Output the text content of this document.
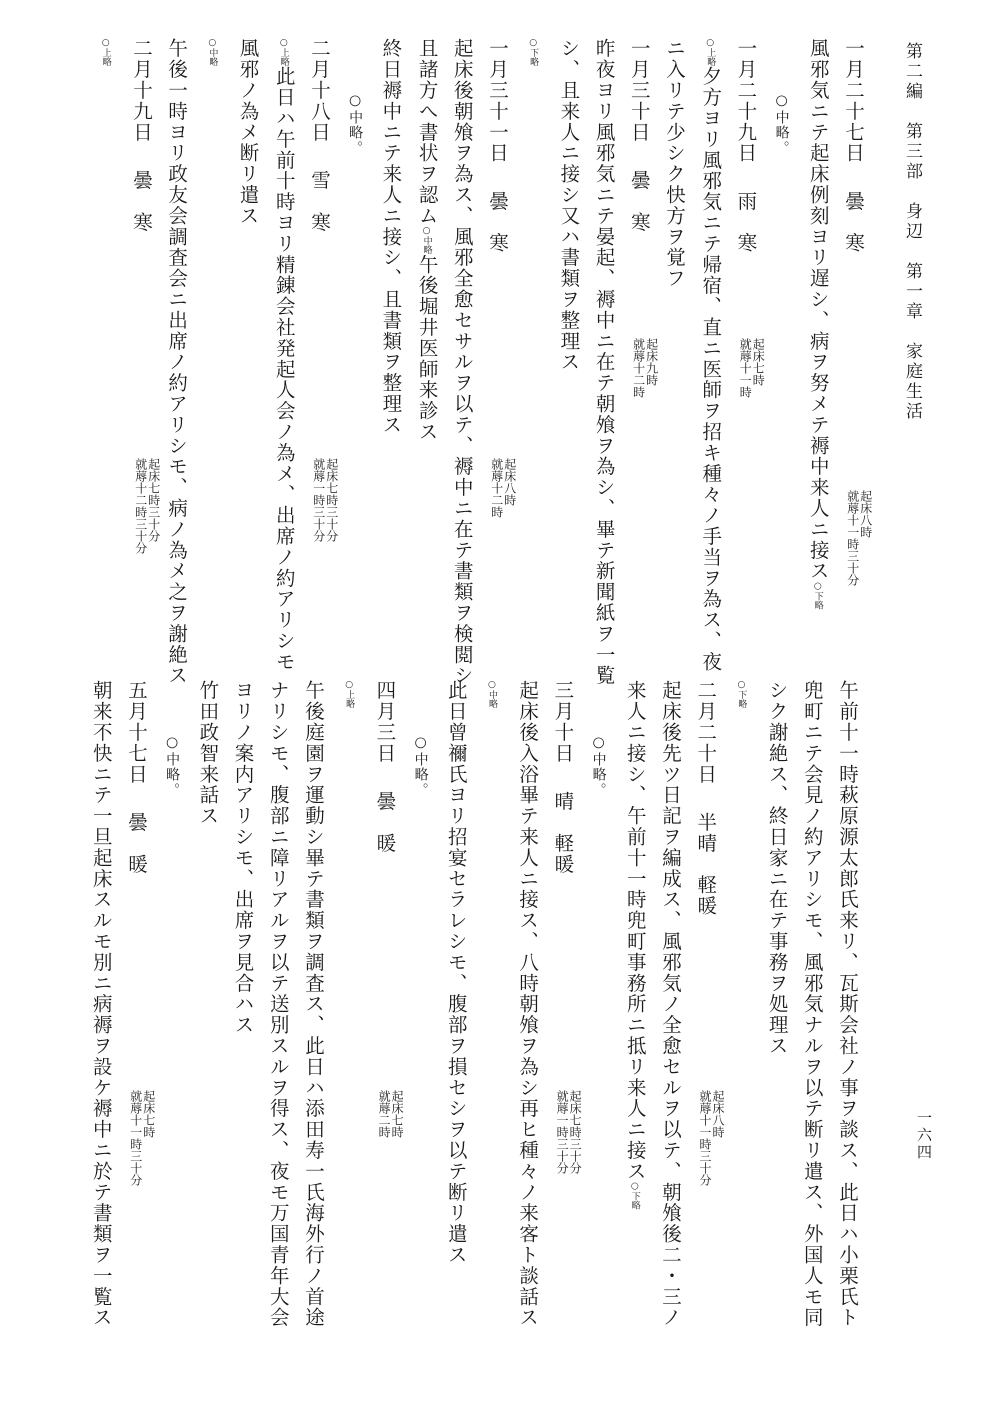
第二編　第三部　身辺　第一章　家庭生活
一六四
一月二十七日曇　寒
起床八時
就蓐十一時三十分
風邪気ニテ起床例刻ヨリ遅シ、病ヲ努メテ褥中来人ニ接ス○下略
○中略。
一月二十九日雨　寒
起床七時
就蓐十一時
○上略夕方ヨリ風邪気ニテ帰宿、直ニ医師ヲ招キ種々ノ手当ヲ為ス、夜
ニ入リテ少シク快方ヲ覚フ
一月三十日曇　寒
起床九時
就蓐十二時
昨夜ヨリ風邪気ニテ晏起、褥中ニ在テ朝飧ヲ為シ、畢テ新聞紙ヲ一覧
シ、且来人ニ接シ又ハ書類ヲ整理ス
○下略
一月三十一日曇　寒
起床八時
就蓐十二時
起床後朝飧ヲ為ス、風邪全愈セサルヲ以テ、褥中ニ在テ書類ヲ検閲シ
且諸方へ書状ヲ認ム○中略午後堀井医師来診ス
終日褥中ニテ来人ニ接シ、且書類ヲ整理ス
○中略。
二月十八日雪　寒
起床七時三十分
就蓐一時三十分
○上略此日ハ午前十時ヨリ精錬会社発起人会ノ為メ、出席ノ約アリシモ
風邪ノ為メ断リ遣ス
○中略
午後一時ヨリ政友会調査会ニ出席ノ約アリシモ、病ノ為メ之ヲ謝絶ス
二月十九日曇　寒
起床七時三十分
就蓐十二時三十分
○上略
午前十一時萩原源太郎氏来リ、瓦斯会社ノ事ヲ談ス、此日ハ小栗氏ト
兜町ニテ会見ノ約アリシモ、風邪気ナルヲ以テ断リ遣ス、外国人モ同
シク謝絶ス、終日家ニ在テ事務ヲ処理ス
○下略
二月二十日半晴　軽暖
起床八時
就蓐十一時三十分
起床後先ツ日記ヲ編成ス、風邪気ノ全愈セルヲ以テ、朝飧後二・三ノ
来人ニ接シ、午前十一時兜町事務所ニ抵リ来人ニ接ス○下略
○中略。
三月十日晴　軽暖
起床七時三十分
就蓐一時三十分
起床後入浴畢テ来人ニ接ス、八時朝飧ヲ為シ再ヒ種々ノ来客ト談話ス
○中略
此日曾禰氏ヨリ招宴セラレシモ、腹部ヲ損セシヲ以テ断リ遣ス
○中略。
四月三日曇　暖
起床七時
就蓐二時
○上略
午後庭園ヲ運動シ畢テ書類ヲ調査ス、此日ハ添田寿一氏海外行ノ首途
ナリシモ、腹部ニ障リアルヲ以テ送別スルヲ得ス、夜モ万国青年大会
ヨリノ案内アリシモ、出席ヲ見合ハス
竹田政智来話ス
○中略。
五月十七日曇　暖
起床七時
就蓐十一時三十分
朝来不快ニテ一旦起床スルモ別ニ病褥ヲ設ケ褥中ニ於テ書類ヲ一覧ス
